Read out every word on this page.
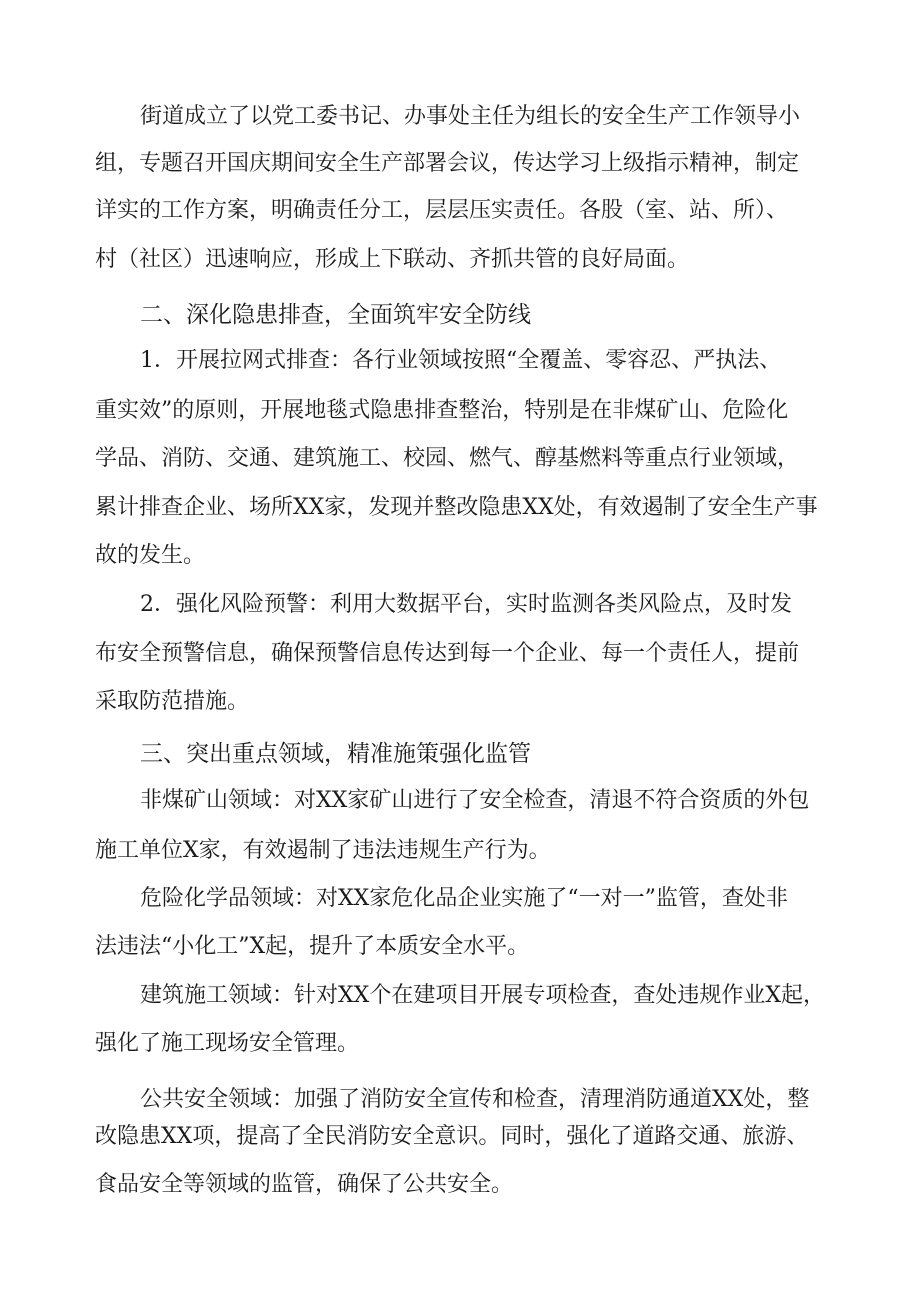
街道成立了以党工委书记、办事处主任为组长的安全生产工作领导小
组，专题召开国庆期间安全生产部署会议，传达学习上级指示精神，制定
详实的工作方案，明确责任分工，层层压实责任。各股（室、站、所）、
村（社区）迅速响应，形成上下联动、齐抓共管的良好局面。
二、深化隐患排查，全面筑牢安全防线
1．开展拉网式排查：各行业领域按照“全覆盖、零容忍、严执法、
重实效”的原则，开展地毯式隐患排查整治，特别是在非煤矿山、危险化
学品、消防、交通、建筑施工、校园、燃气、醇基燃料等重点行业领域，
累计排查企业、场所XX家，发现并整改隐患XX处，有效遏制了安全生产事
故的发生。
2．强化风险预警：利用大数据平台，实时监测各类风险点，及时发
布安全预警信息，确保预警信息传达到每一个企业、每一个责任人，提前
采取防范措施。
三、突出重点领域，精准施策强化监管
非煤矿山领域：对XX家矿山进行了安全检查，清退不符合资质的外包
施工单位X家，有效遏制了违法违规生产行为。
危险化学品领域：对XX家危化品企业实施了“一对一”监管，查处非
法违法“小化工”X起，提升了本质安全水平。
建筑施工领域：针对XX个在建项目开展专项检查，查处违规作业X起，
强化了施工现场安全管理。
公共安全领域：加强了消防安全宣传和检查，清理消防通道XX处，整
改隐患XX项，提高了全民消防安全意识。同时，强化了道路交通、旅游、
食品安全等领域的监管，确保了公共安全。
